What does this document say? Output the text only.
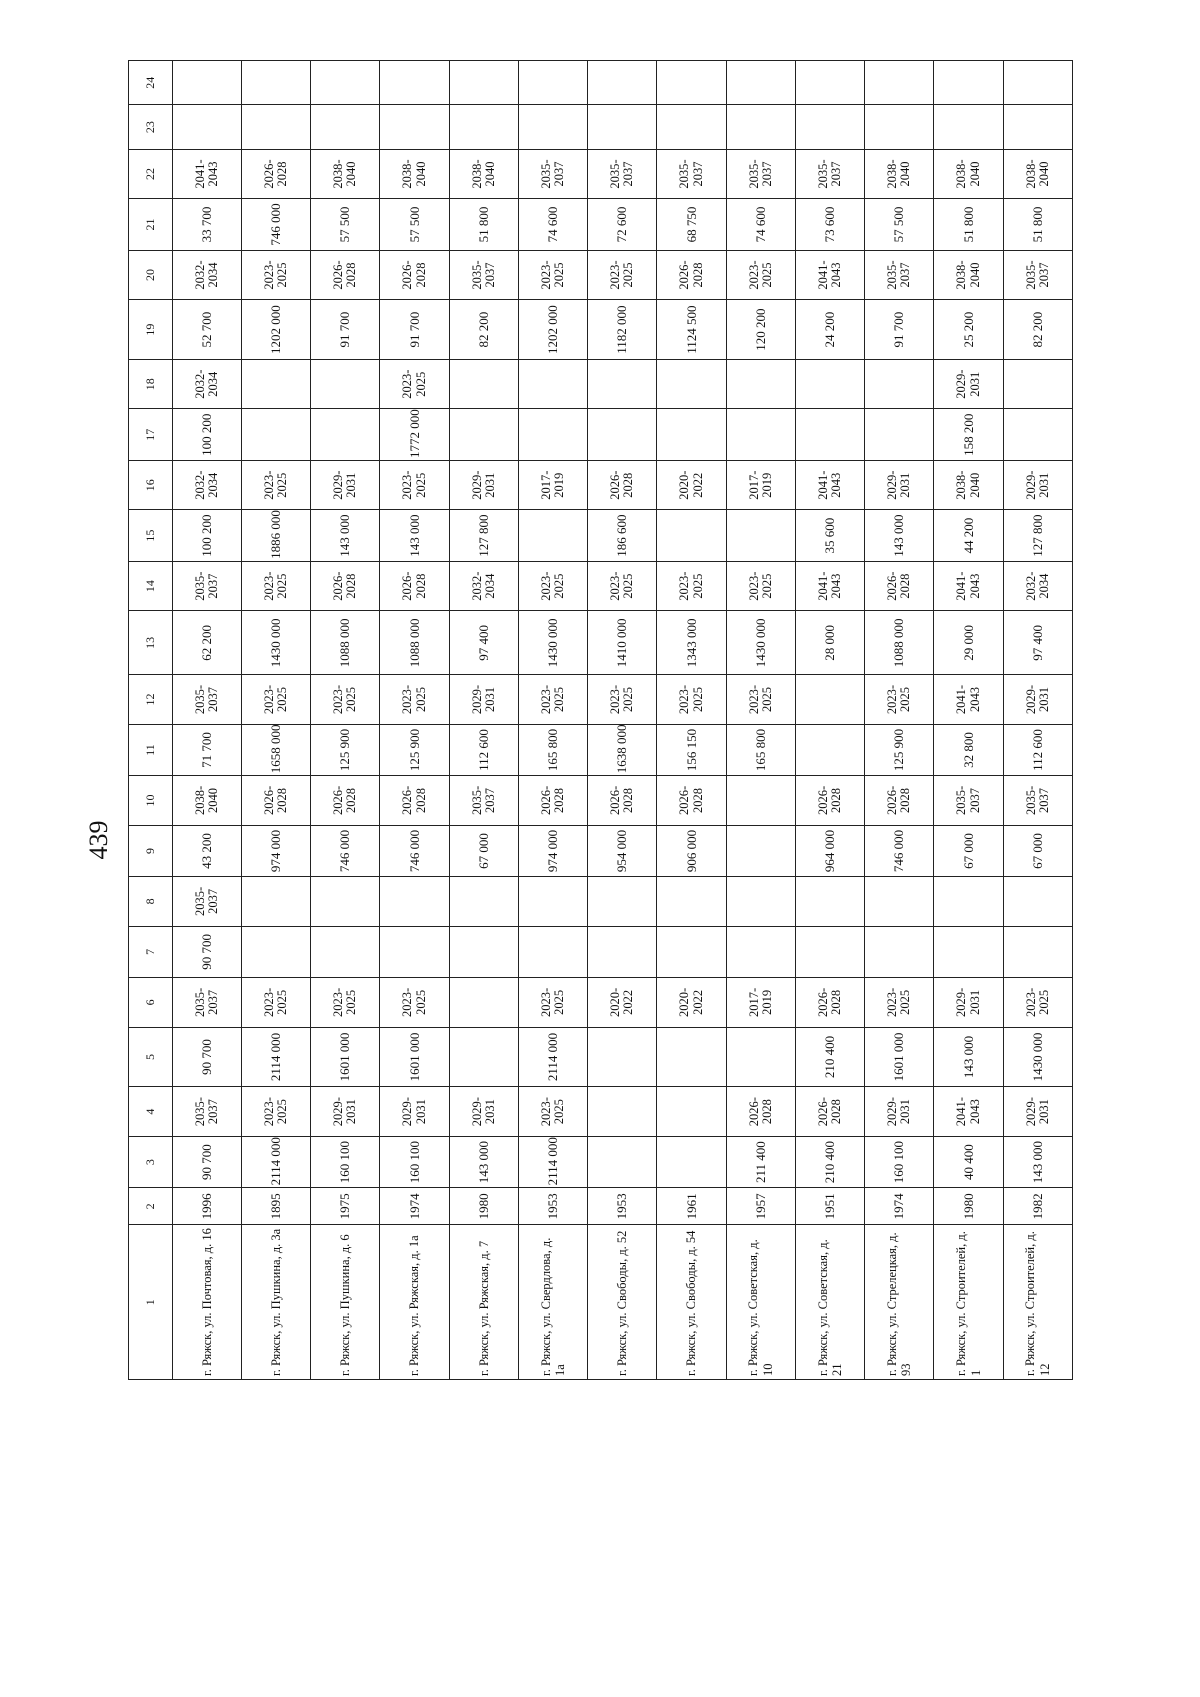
439
1	2	3	4	5	6	7	8	9	10	11	12	13	14	15	16	17	18	19	20	21	22	23	24
г. Ряжск, ул. Почтовая, д. 16	1996	90 700	2035-2037	90 700	2035-2037	90 700	2035-2037	43 200	2038-2040	71 700	2035-2037	62 200	2035-2037	100 200	2032-2034	100 200	2032-2034	52 700	2032-2034	33 700	2041-2043		
г. Ряжск, ул. Пушкина, д. 3а	1895	2114 000	2023-2025	2114 000	2023-2025			974 000	2026-2028	1658 000	2023-2025	1430 000	2023-2025	1886 000	2023-2025			1202 000	2023-2025	746 000	2026-2028		
г. Ряжск, ул. Пушкина, д. 6	1975	160 100	2029-2031	1601 000	2023-2025			746 000	2026-2028	125 900	2023-2025	1088 000	2026-2028	143 000	2029-2031			91 700	2026-2028	57 500	2038-2040		
г. Ряжск, ул. Ряжская, д. 1а	1974	160 100	2029-2031	1601 000	2023-2025			746 000	2026-2028	125 900	2023-2025	1088 000	2026-2028	143 000	2023-2025	1772 000	2023-2025	91 700	2026-2028	57 500	2038-2040		
г. Ряжск, ул. Ряжская, д. 7	1980	143 000	2029-2031					67 000	2035-2037	112 600	2029-2031	97 400	2032-2034	127 800	2029-2031			82 200	2035-2037	51 800	2038-2040		
г. Ряжск, ул. Свердлова, д. 1а	1953	2114 000	2023-2025	2114 000	2023-2025			974 000	2026-2028	165 800	2023-2025	1430 000	2023-2025		2017-2019			1202 000	2023-2025	74 600	2035-2037		
г. Ряжск, ул. Свободы, д. 52	1953				2020-2022			954 000	2026-2028	1638 000	2023-2025	1410 000	2023-2025	186 600	2026-2028			1182 000	2023-2025	72 600	2035-2037		
г. Ряжск, ул. Свободы, д. 54	1961				2020-2022			906 000	2026-2028	156 150	2023-2025	1343 000	2023-2025		2020-2022			1124 500	2026-2028	68 750	2035-2037		
г. Ряжск, ул. Советская, д. 10	1957	211 400	2026-2028		2017-2019					165 800	2023-2025	1430 000	2023-2025		2017-2019			120 200	2023-2025	74 600	2035-2037		
г. Ряжск, ул. Советская, д. 21	1951	210 400	2026-2028	210 400	2026-2028			964 000	2026-2028			28 000	2041-2043	35 600	2041-2043			24 200	2041-2043	73 600	2035-2037		
г. Ряжск, ул. Стрелецкая, д. 93	1974	160 100	2029-2031	1601 000	2023-2025			746 000	2026-2028	125 900	2023-2025	1088 000	2026-2028	143 000	2029-2031			91 700	2035-2037	57 500	2038-2040		
г. Ряжск, ул. Строителей, д. 1	1980	40 400	2041-2043	143 000	2029-2031			67 000	2035-2037	32 800	2041-2043	29 000	2041-2043	44 200	2038-2040	158 200	2029-2031	25 200	2038-2040	51 800	2038-2040		
г. Ряжск, ул. Строителей, д. 12	1982	143 000	2029-2031	1430 000	2023-2025			67 000	2035-2037	112 600	2029-2031	97 400	2032-2034	127 800	2029-2031			82 200	2035-2037	51 800	2038-2040		
